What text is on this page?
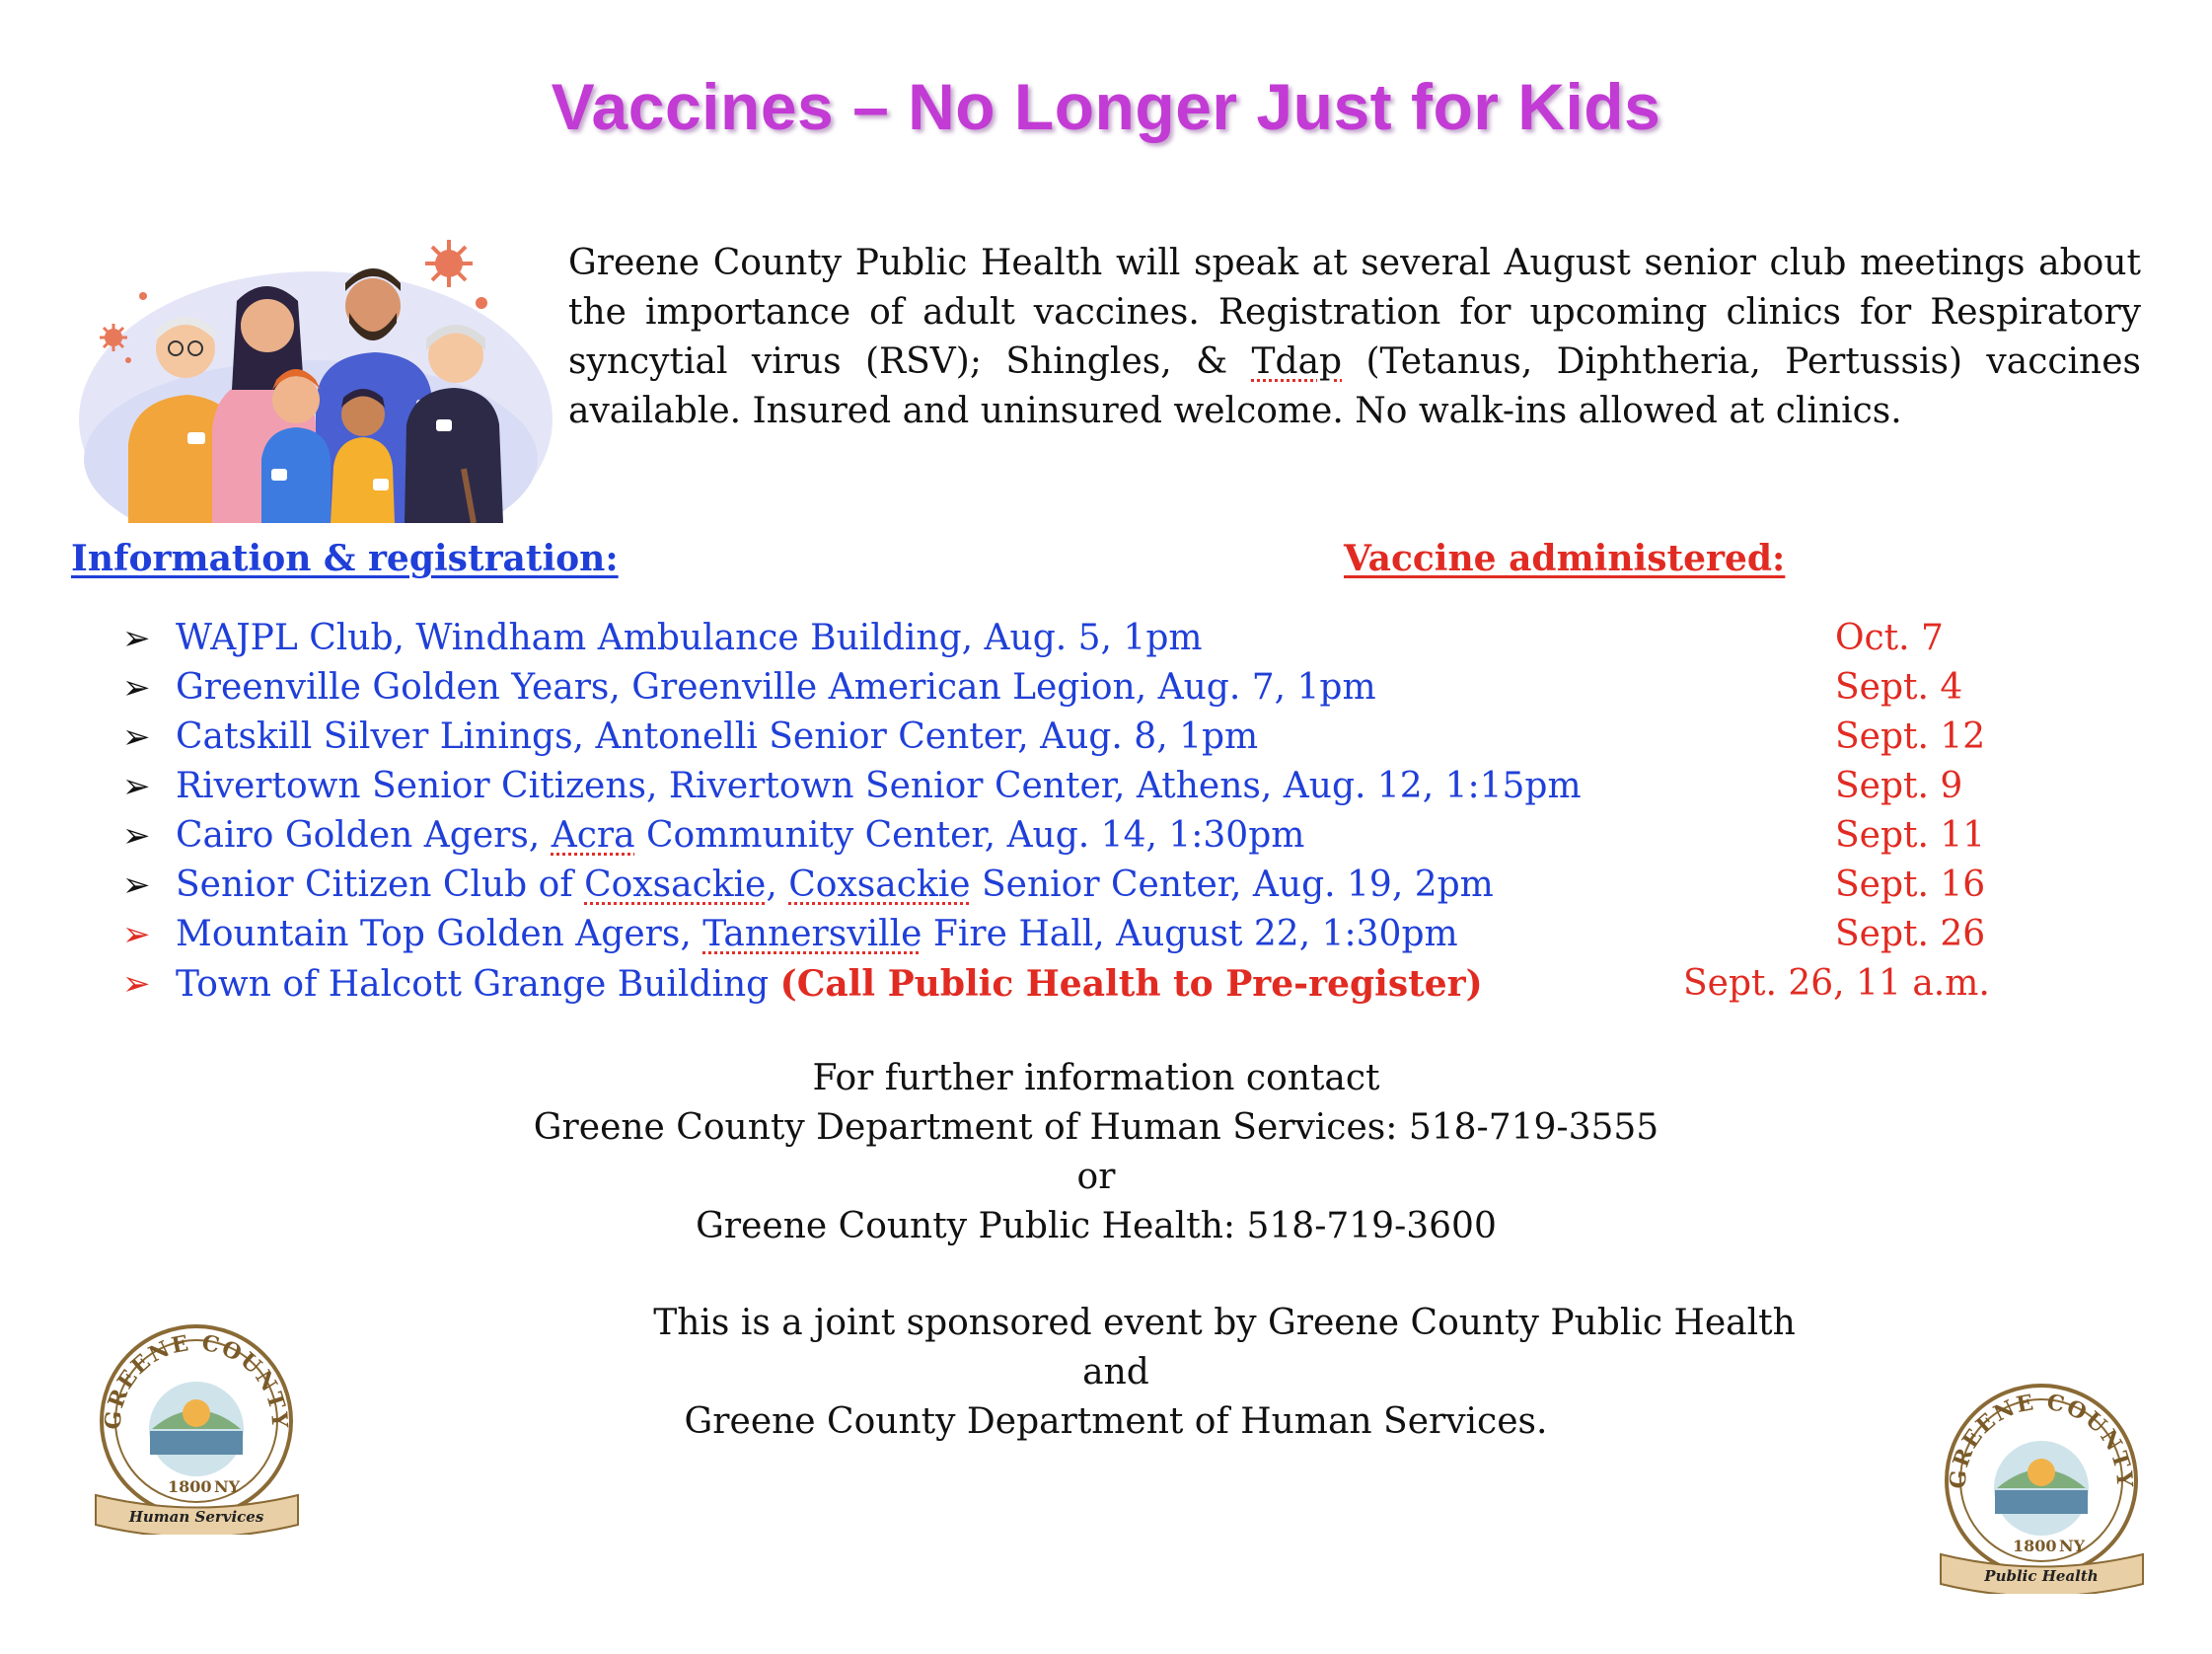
Vaccines – No Longer Just for Kids
Greene County Public Health will speak at several August senior club meetings about the importance of adult vaccines. Registration for upcoming clinics for Respiratory syncytial virus (RSV); Shingles, & Tdap (Tetanus, Diphtheria, Pertussis) vaccines available. Insured and uninsured welcome. No walk-ins allowed at clinics.
Information & registration:	Vaccine administered:
➢ WAJPL Club, Windham Ambulance Building, Aug. 5, 1pm	Oct. 7
➢ Greenville Golden Years, Greenville American Legion, Aug. 7, 1pm	Sept. 4
➢ Catskill Silver Linings, Antonelli Senior Center, Aug. 8, 1pm	Sept. 12
➢ Rivertown Senior Citizens, Rivertown Senior Center, Athens, Aug. 12, 1:15pm	Sept. 9
➢ Cairo Golden Agers, Acra Community Center, Aug. 14, 1:30pm	Sept. 11
➢ Senior Citizen Club of Coxsackie, Coxsackie Senior Center, Aug. 19, 2pm	Sept. 16
➢ Mountain Top Golden Agers, Tannersville Fire Hall, August 22, 1:30pm	Sept. 26
➢ Town of Halcott Grange Building (Call Public Health to Pre-register)	Sept. 26, 11 a.m.
For further information contact
Greene County Department of Human Services: 518-719-3555
or
Greene County Public Health: 518-719-3600
This is a joint sponsored event by Greene County Public Health
and
Greene County Department of Human Services.
GREENE COUNTY
1800 NY
Human Services
GREENE COUNTY
1800 NY
Public Health
